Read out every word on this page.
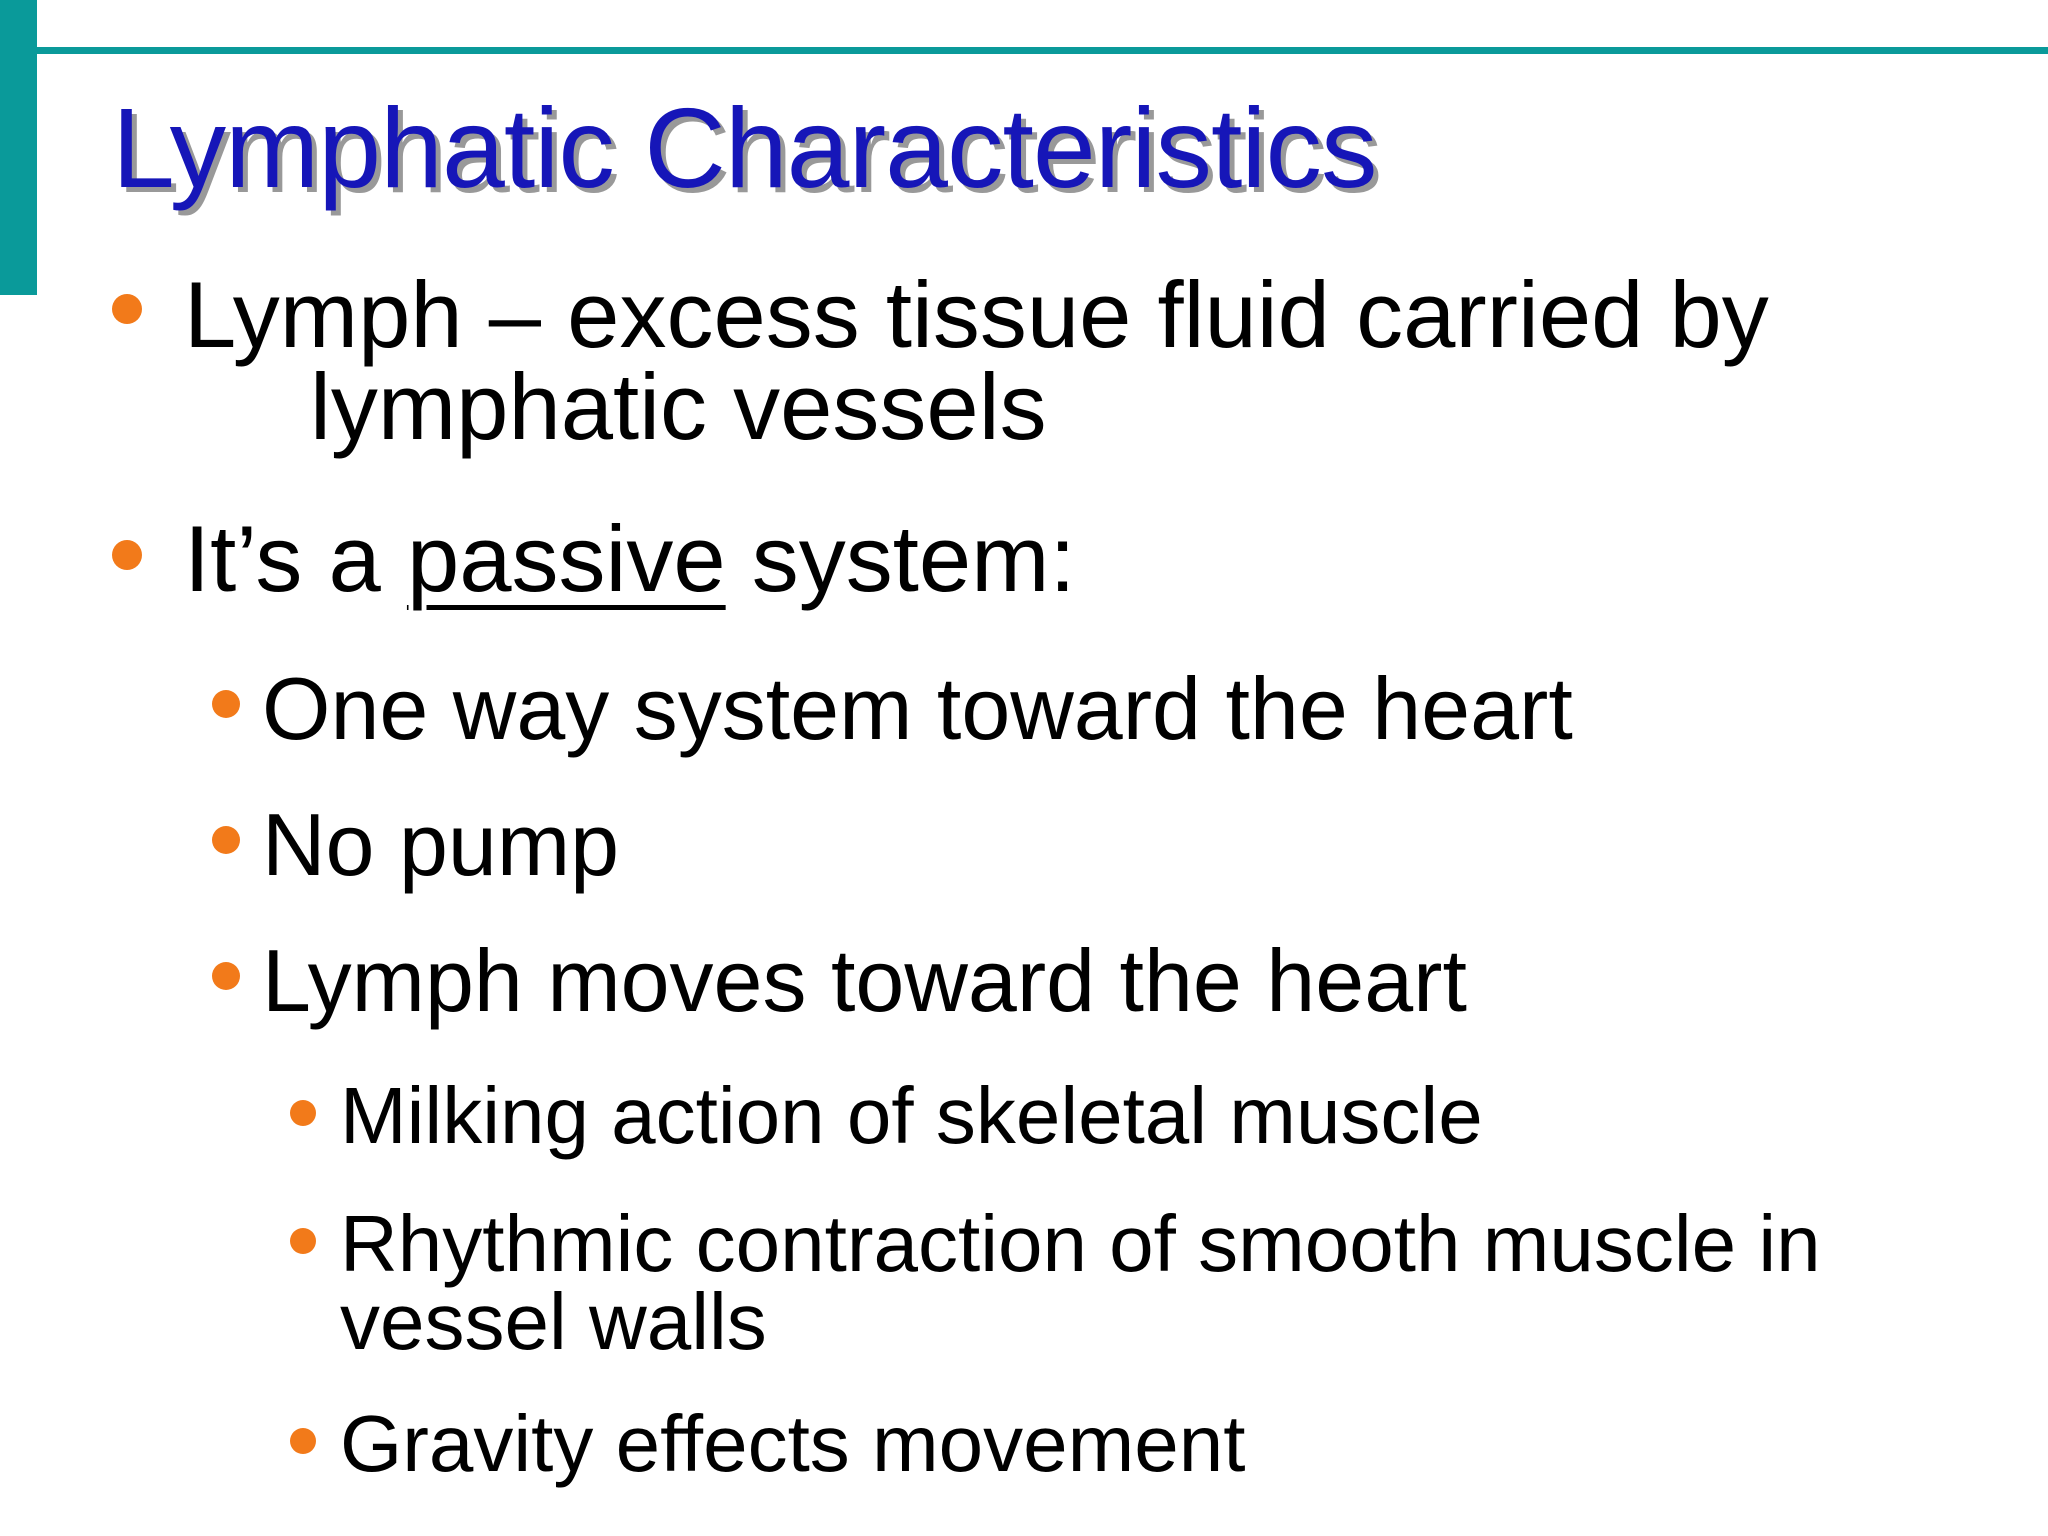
Lymphatic Characteristics
Lymph – excess tissue fluid carried by
lymphatic vessels
It’s a passive system:
One way system toward the heart
No pump
Lymph moves toward the heart
Milking action of skeletal muscle
Rhythmic contraction of smooth muscle in
vessel walls
Gravity effects movement
